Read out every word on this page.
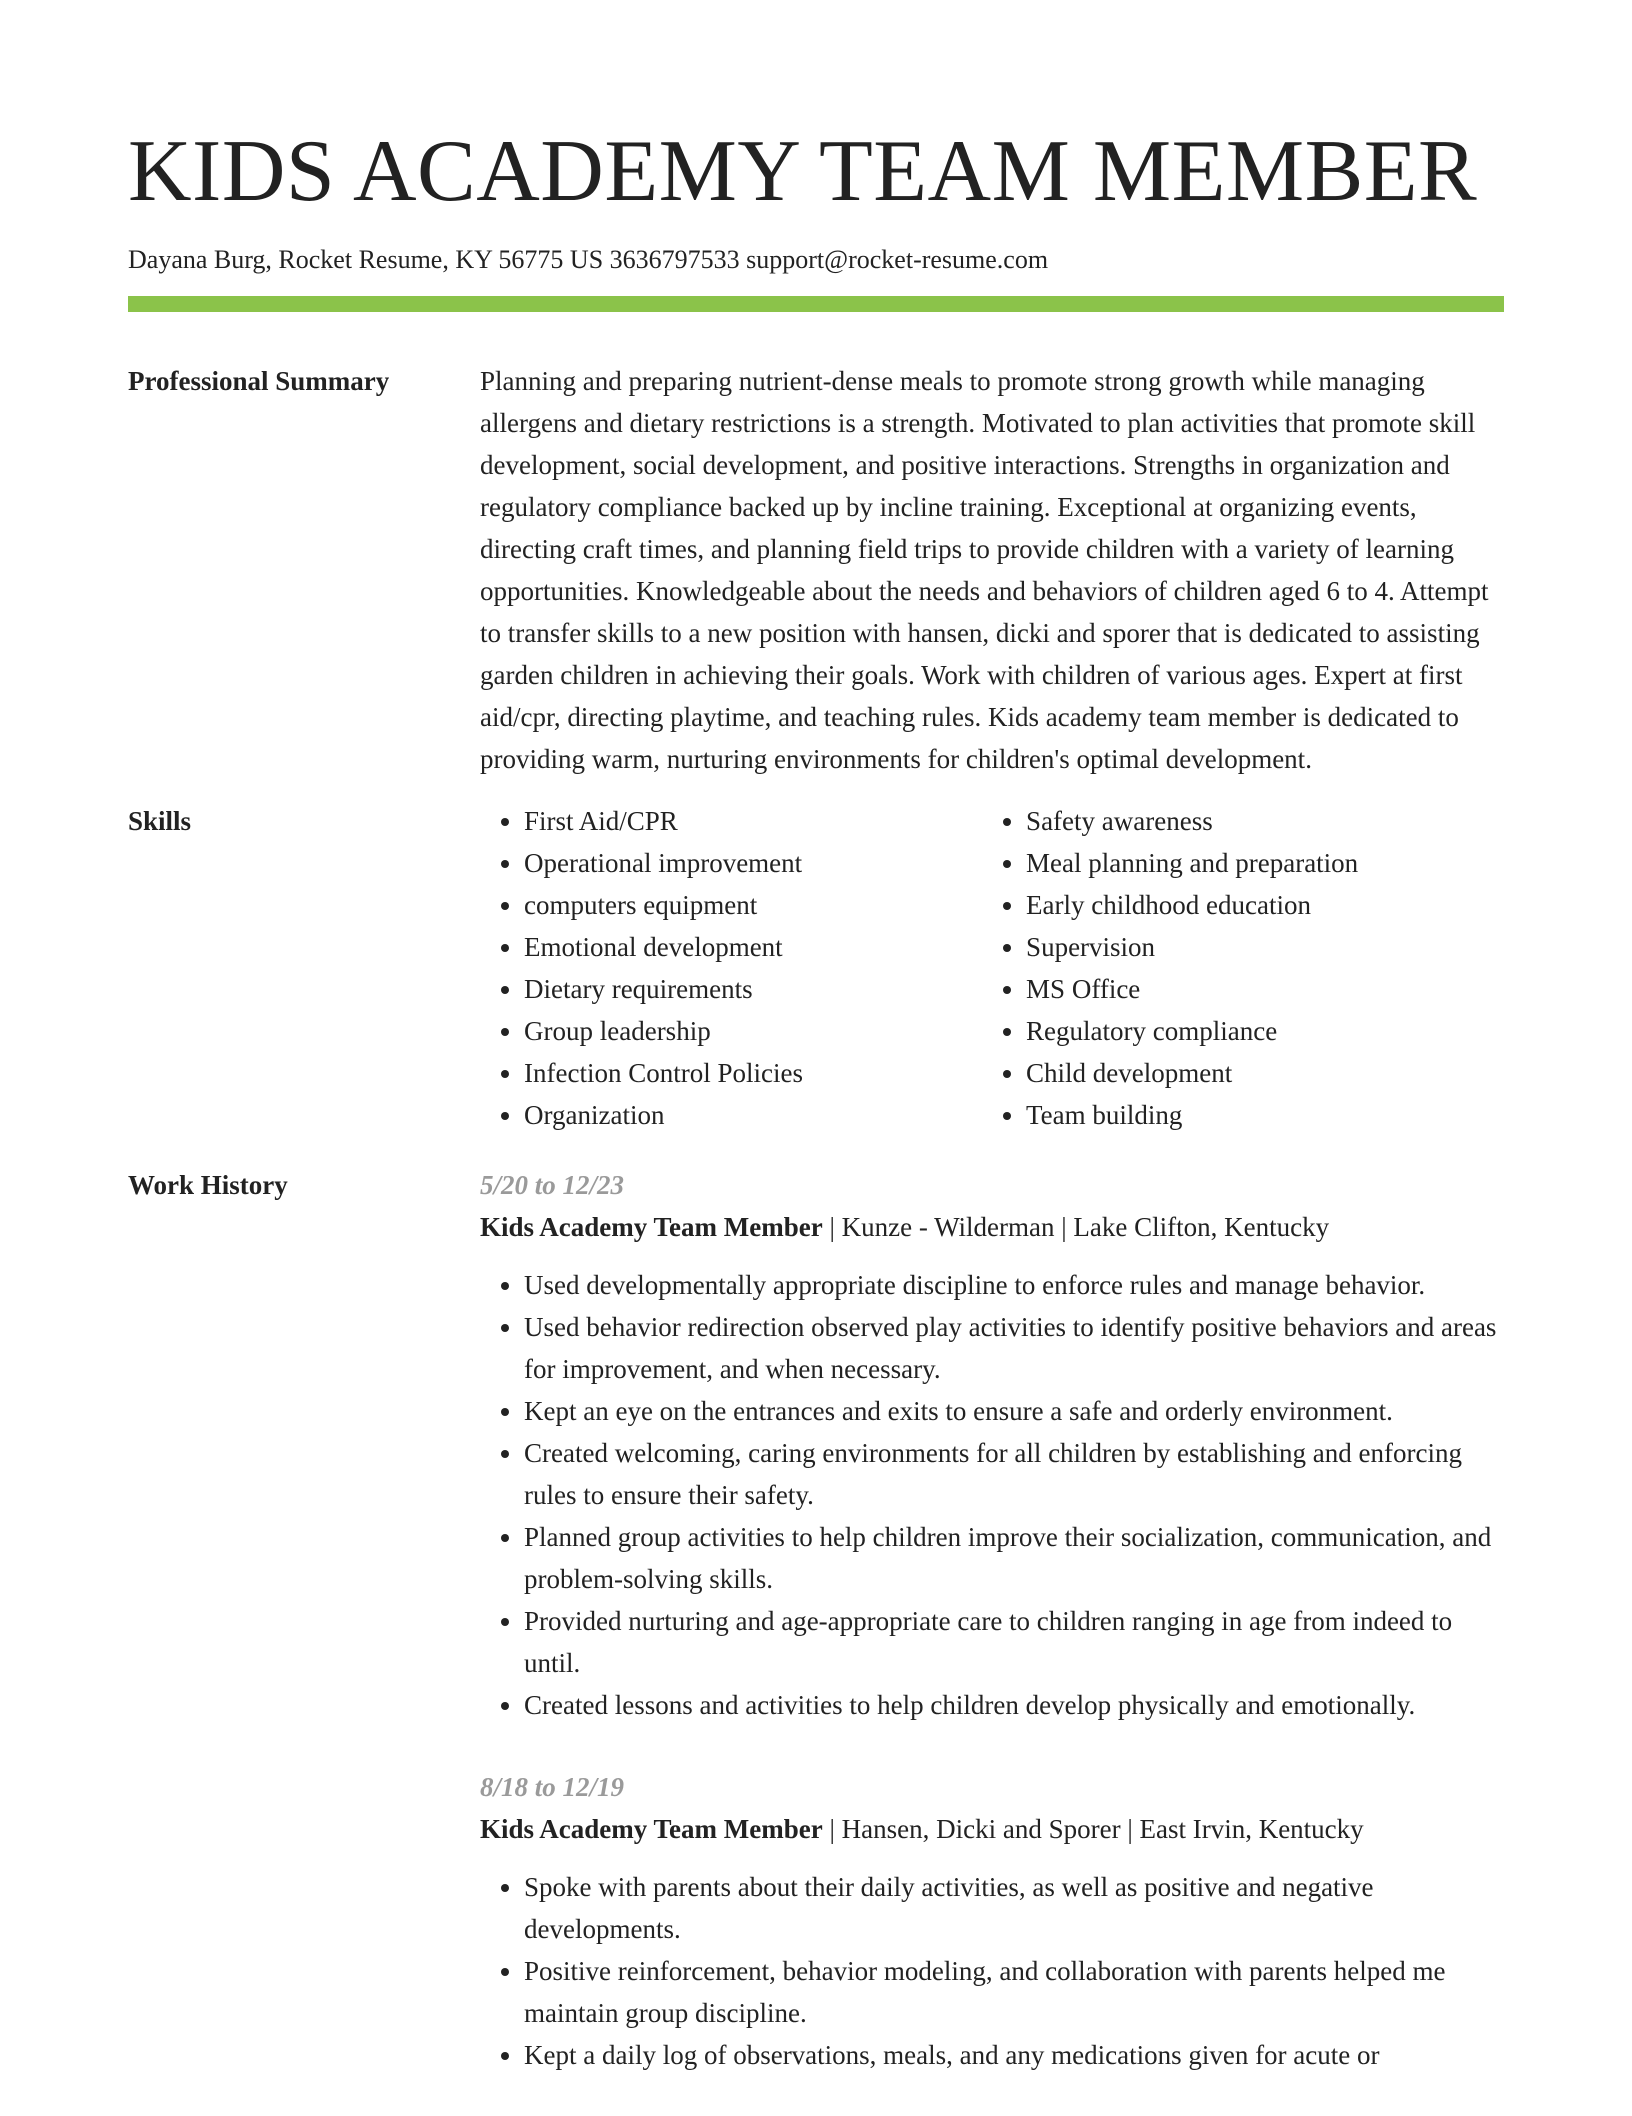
KIDS ACADEMY TEAM MEMBER
Dayana Burg, Rocket Resume, KY 56775 US 3636797533 support@rocket-resume.com
Professional Summary	Planning and preparing nutrient-dense meals to promote strong growth while managing allergens and dietary restrictions is a strength. Motivated to plan activities that promote skill development, social development, and positive interactions. Strengths in organization and regulatory compliance backed up by incline training. Exceptional at organizing events, directing craft times, and planning field trips to provide children with a variety of learning opportunities. Knowledgeable about the needs and behaviors of children aged 6 to 4. Attempt to transfer skills to a new position with hansen, dicki and sporer that is dedicated to assisting garden children in achieving their goals. Work with children of various ages. Expert at first aid/cpr, directing playtime, and teaching rules. Kids academy team member is dedicated to providing warm, nurturing environments for children's optimal development.

Skills
•	First Aid/CPR
• Operational improvement
• computers equipment
• Emotional development
• Dietary requirements
• Group leadership
• Infection Control Policies
• Organization
• Safety awareness
• Meal planning and preparation
• Early childhood education
• Supervision
• MS Office
• Regulatory compliance
• Child development
• Team building
Work History	5/20 to 12/23
Kids Academy Team Member | Kunze - Wilderman | Lake Clifton, Kentucky
• Used developmentally appropriate discipline to enforce rules and manage behavior.
• Used behavior redirection observed play activities to identify positive behaviors and areas for improvement, and when necessary.
• Kept an eye on the entrances and exits to ensure a safe and orderly environment.
• Created welcoming, caring environments for all children by establishing and enforcing rules to ensure their safety.
• Planned group activities to help children improve their socialization, communication, and problem-solving skills.
• Provided nurturing and age-appropriate care to children ranging in age from indeed to until.
• Created lessons and activities to help children develop physically and emotionally.
8/18 to 12/19
Kids Academy Team Member | Hansen, Dicki and Sporer | East Irvin, Kentucky
• Spoke with parents about their daily activities, as well as positive and negative developments.
• Positive reinforcement, behavior modeling, and collaboration with parents helped me maintain group discipline.
• Kept a daily log of observations, meals, and any medications given for acute or
